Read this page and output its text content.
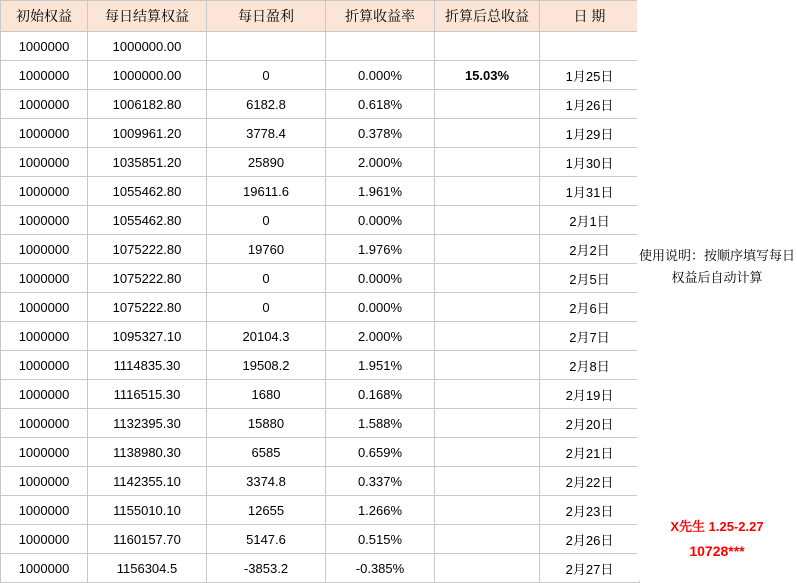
初始权益	每日结算权益	每日盈利	折算收益率	折算后总收益	日 期
1000000	1000000.00				
1000000	1000000.00	0	0.000%	15.03%	1月25日
1000000	1006182.80	6182.8	0.618%		1月26日
1000000	1009961.20	3778.4	0.378%		1月29日
1000000	1035851.20	25890	2.000%		1月30日
1000000	1055462.80	19611.6	1.961%		1月31日
1000000	1055462.80	0	0.000%		2月1日
1000000	1075222.80	19760	1.976%		2月2日
1000000	1075222.80	0	0.000%		2月5日
1000000	1075222.80	0	0.000%		2月6日
1000000	1095327.10	20104.3	2.000%		2月7日
1000000	1114835.30	19508.2	1.951%		2月8日
1000000	1116515.30	1680	0.168%		2月19日
1000000	1132395.30	15880	1.588%		2月20日
1000000	1138980.30	6585	0.659%		2月21日
1000000	1142355.10	3374.8	0.337%		2月22日
1000000	1155010.10	12655	1.266%		2月23日
1000000	1160157.70	5147.6	0.515%		2月26日
1000000	1156304.5	-3853.2	-0.385%		2月27日
使用说明：按顺序填写每日权益后自动计算
X先生 1.25-2.27
10728***
